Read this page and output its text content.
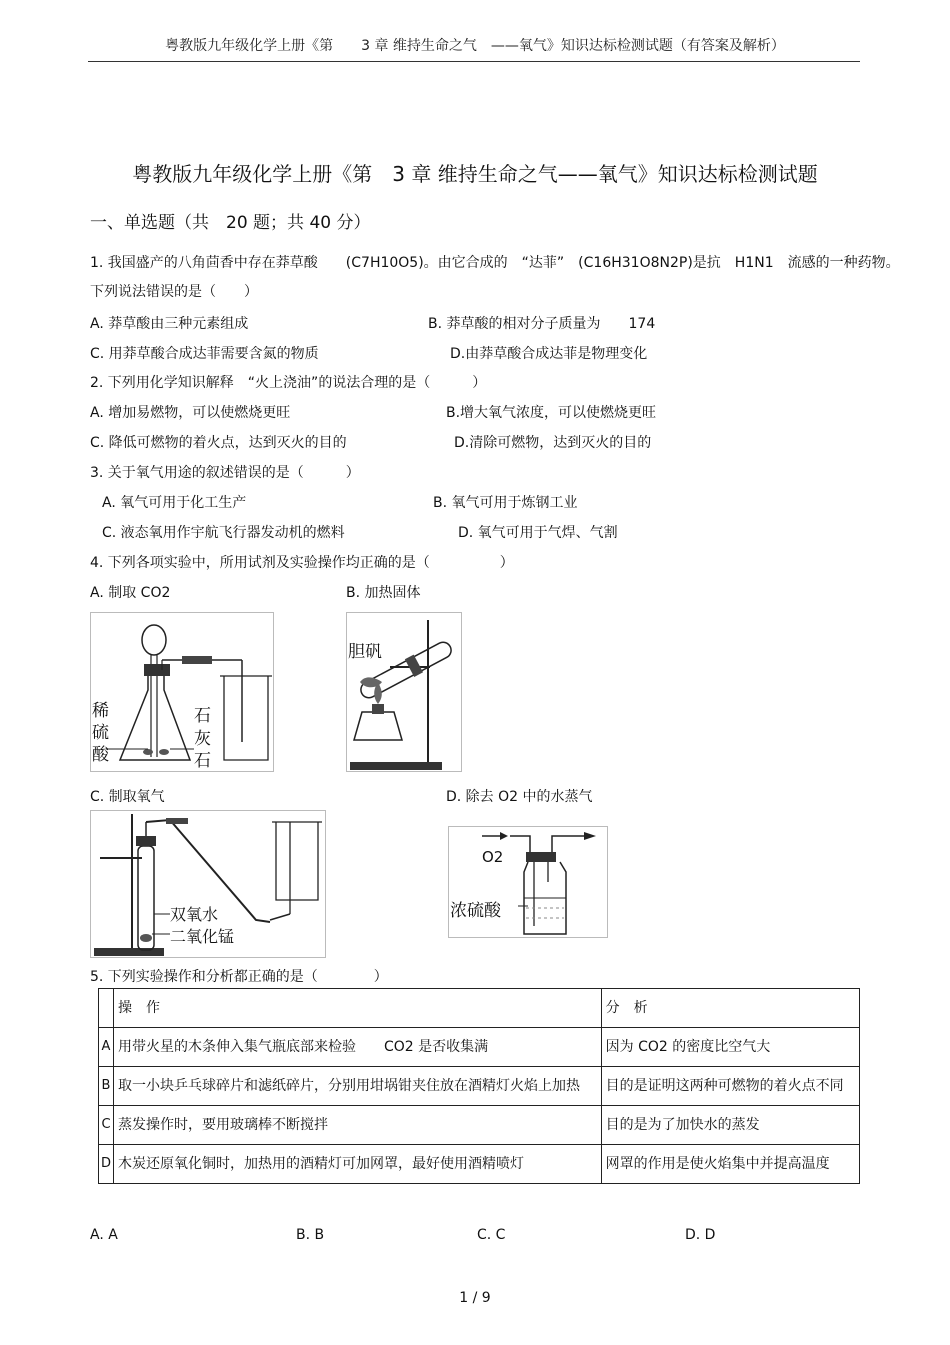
粤教版九年级化学上册《第　　3 章 维持生命之气　——氧气》知识达标检测试题（有答案及解析）
粤教版九年级化学上册《第　3 章 维持生命之气——氧气》知识达标检测试题
一、单选题（共　20 题；共 40 分）
1. 我国盛产的八角茴香中存在莽草酸　　(C7H10O5)。由它合成的　“达菲”　(C16H31O8N2P)是抗　H1N1　流感的一种药物。
下列说法错误的是（　　）
A. 莽草酸由三种元素组成	B. 莽草酸的相对分子质量为　　174
C. 用莽草酸合成达菲需要含氮的物质	D.由莽草酸合成达菲是物理变化
2. 下列用化学知识解释　“火上浇油”的说法合理的是（　　　）
A. 增加易燃物，可以使燃烧更旺	B.增大氧气浓度，可以使燃烧更旺
C. 降低可燃物的着火点，达到灭火的目的	D.清除可燃物，达到灭火的目的
3. 关于氧气用途的叙述错误的是（　　　）
A. 氧气可用于化工生产	B. 氧气可用于炼钢工业
C. 液态氧用作宇航飞行器发动机的燃料	D. 氧气可用于气焊、气割
4. 下列各项实验中，所用试剂及实验操作均正确的是（　　　　　）
A. 制取 CO2	B. 加热固体
稀
硫
酸
石
灰
石
胆矾
C. 制取氧气	D. 除去 O2 中的水蒸气
双氧水
二氧化锰
O2
浓硫酸
5. 下列实验操作和分析都正确的是（　　　　）
	操　作	分　析
A	用带火星的木条伸入集气瓶底部来检验　　CO2 是否收集满	因为 CO2 的密度比空气大
B	取一小块乒乓球碎片和滤纸碎片，分别用坩埚钳夹住放在酒精灯火焰上加热	目的是证明这两种可燃物的着火点不同
C	蒸发操作时，要用玻璃棒不断搅拌	目的是为了加快水的蒸发
D	木炭还原氧化铜时，加热用的酒精灯可加网罩，最好使用酒精喷灯	网罩的作用是使火焰集中并提高温度
A. A	B. B	C. C	D. D
1 / 9
